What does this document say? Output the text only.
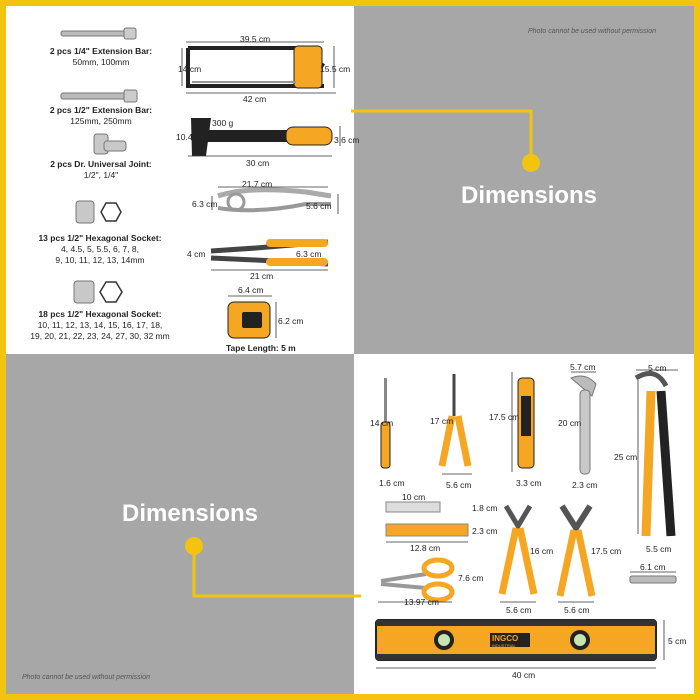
Photo cannot be used without permission
Photo cannot be used without permission
Dimensions
Dimensions
2 pcs 1/4" Extension Bar:
50mm, 100mm
2 pcs 1/2" Extension Bar:
125mm, 250mm
2 pcs Dr. Universal Joint:
1/2", 1/4"
13 pcs 1/2" Hexagonal Socket:
4, 4.5, 5, 5.5, 6, 7, 8,
9, 10, 11, 12, 13, 14mm
18 pcs 1/2" Hexagonal Socket:
10, 11, 12, 13, 14, 15, 16, 17, 18,
19, 20, 21, 22, 23, 24, 27, 30, 32 mm
39.5 cm
14 cm	15.5 cm
42 cm
300 g
10.4 cm	3.6 cm
30 cm
21.7 cm
6.3 cm	5.6 cm
4 cm	6.3 cm
21 cm
6.4 cm
6.2 cm
Tape Length: 5 m
14 cm
1.6 cm
17 cm
5.6 cm
17.5 cm
3.3 cm
5.7 cm
20 cm
2.3 cm
5 cm
25 cm
5.5 cm
10 cm
1.8 cm
2.3 cm
12.8 cm	16 cm
5.6 cm
17.5 cm
5.6 cm
7.6 cm
13.97 cm
6.1 cm
40 cm
5 cm
INGCO
INDUSTRIAL
